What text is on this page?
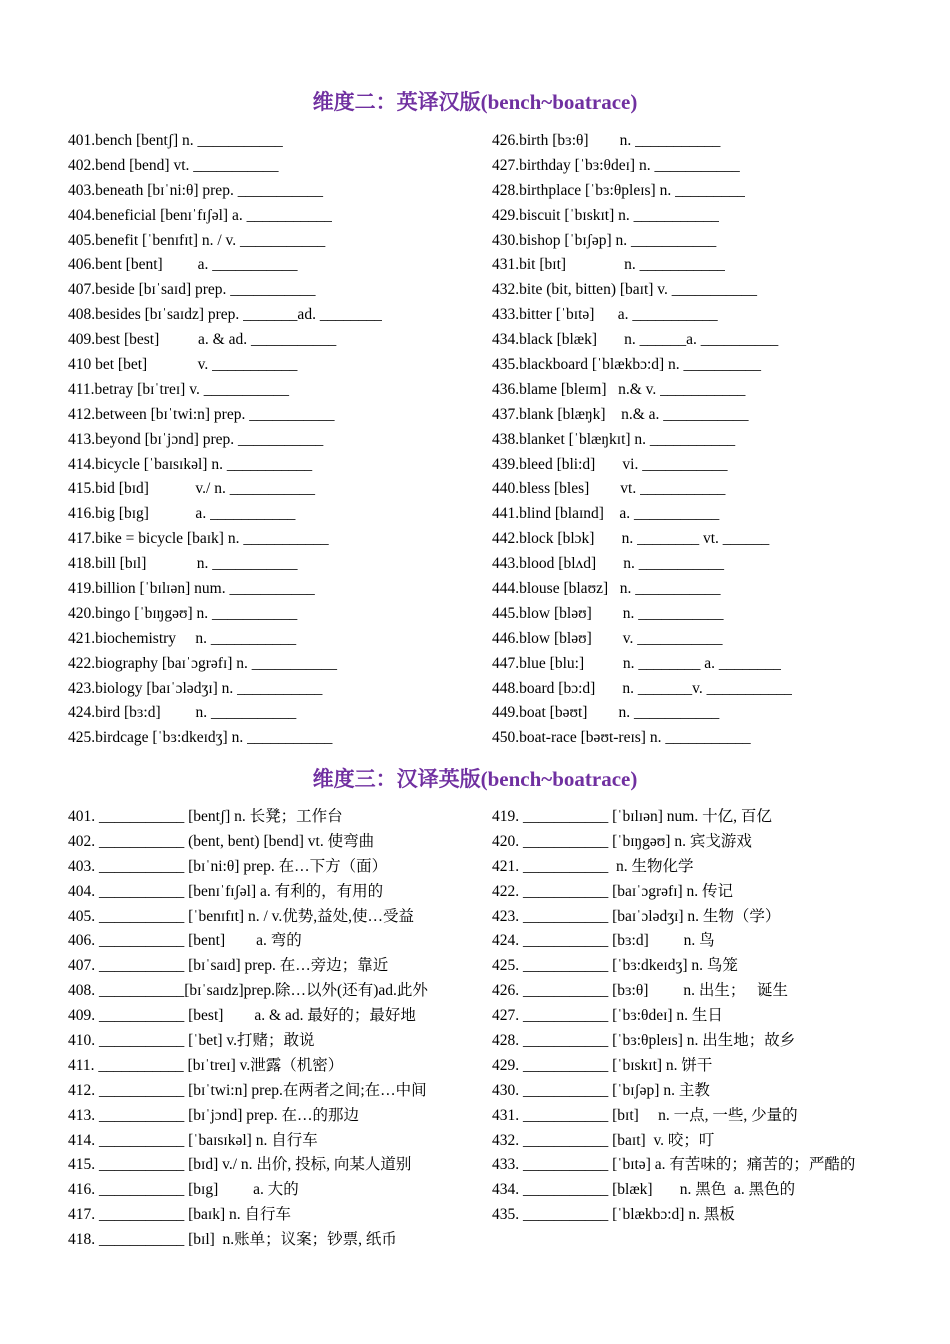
维度二：英译汉版(bench~boatrace)
401.bench [bentʃ] n. ___________
402.bend [bend] vt. ___________
403.beneath [bɪˈni:θ] prep. ___________
404.beneficial [benɪˈfɪʃəl] a. ___________
405.benefit [ˈbenɪfɪt] n. / v. ___________
406.bent [bent]         a. ___________
407.beside [bɪˈsaɪd] prep. ___________
408.besides [bɪˈsaɪdz] prep. _______ad. ________
409.best [best]          a. & ad. ___________
410 bet [bet]             v. ___________
411.betray [bɪˈtreɪ] v. ___________
412.between [bɪˈtwi:n] prep. ___________
413.beyond [bɪˈjɔnd] prep. ___________
414.bicycle [ˈbaɪsɪkəl] n. ___________
415.bid [bɪd]            v./ n. ___________
416.big [bɪg]            a. ___________
417.bike = bicycle [baɪk] n. ___________
418.bill [bɪl]             n. ___________
419.billion [ˈbɪlɪən] num. ___________
420.bingo [ˈbɪŋgəʊ] n. ___________
421.biochemistry     n. ___________
422.biography [baɪˈɔgrəfɪ] n. ___________
423.biology [baɪˈɔlədʒɪ] n. ___________
424.bird [bɜ:d]         n. ___________
425.birdcage [ˈbɜ:dkeɪdʒ] n. ___________
426.birth [bɜ:θ]        n. ___________
427.birthday [ˈbɜ:θdeɪ] n. ___________
428.birthplace [ˈbɜ:θpleɪs] n. _________
429.biscuit [ˈbɪskɪt] n. ___________
430.bishop [ˈbɪʃəp] n. ___________
431.bit [bɪt]               n. ___________
432.bite (bit, bitten) [baɪt] v. ___________
433.bitter [ˈbɪtə]      a. ___________
434.black [blæk]       n. ______a. __________
435.blackboard [ˈblækbɔ:d] n. __________
436.blame [bleɪm]   n.& v. ___________
437.blank [blæŋk]    n.& a. ___________
438.blanket [ˈblæŋkɪt] n. ___________
439.bleed [bli:d]       vi. ___________
440.bless [bles]        vt. ___________
441.blind [blaɪnd]    a. ___________
442.block [blɔk]       n. ________ vt. ______
443.blood [blʌd]       n. ___________
444.blouse [blaʊz]   n. ___________
445.blow [bləʊ]        n. ___________
446.blow [bləʊ]        v. ___________
447.blue [blu:]          n. ________ a. ________
448.board [bɔ:d]       n. _______v. ___________
449.boat [bəʊt]        n. ___________
450.boat-race [bəʊt-reɪs] n. ___________
维度三：汉译英版(bench~boatrace)
401. ___________ [bentʃ] n. 长凳；工作台
402. ___________ (bent, bent) [bend] vt. 使弯曲
403. ___________ [bɪˈni:θ] prep. 在…下方（面）
404. ___________ [benɪˈfɪʃəl] a. 有利的，有用的
405. ___________ [ˈbenɪfɪt] n. / v.优势,益处,使…受益
406. ___________ [bent]        a. 弯的
407. ___________ [bɪˈsaɪd] prep. 在…旁边；靠近
408. ___________[bɪˈsaɪdz]prep.除…以外(还有)ad.此外
409. ___________ [best]        a. & ad. 最好的；最好地
410. ___________ [ˈbet] v.打赌；敢说
411. ___________ [bɪˈtreɪ] v.泄露（机密）
412. ___________ [bɪˈtwi:n] prep.在两者之间;在…中间
413. ___________ [bɪˈjɔnd] prep. 在…的那边
414. ___________ [ˈbaɪsɪkəl] n. 自行车
415. ___________ [bɪd] v./ n. 出价, 投标, 向某人道别
416. ___________ [bɪg]         a. 大的
417. ___________ [baɪk] n. 自行车
418. ___________ [bɪl]  n.账单；议案；钞票, 纸币
419. ___________ [ˈbɪlɪən] num. 十亿, 百亿
420. ___________ [ˈbɪŋgəʊ] n. 宾戈游戏
421. ___________  n. 生物化学
422. ___________ [baɪˈɔgrəfɪ] n. 传记
423. ___________ [baɪˈɔlədʒɪ] n. 生物（学）
424. ___________ [bɜ:d]         n. 鸟
425. ___________ [ˈbɜ:dkeɪdʒ] n. 鸟笼
426. ___________ [bɜ:θ]         n. 出生；   诞生
427. ___________ [ˈbɜ:θdeɪ] n. 生日
428. ___________ [ˈbɜ:θpleɪs] n. 出生地；故乡
429. ___________ [ˈbɪskɪt] n. 饼干
430. ___________ [ˈbɪʃəp] n. 主教
431. ___________ [bɪt]     n. 一点, 一些, 少量的
432. ___________ [baɪt]  v. 咬；叮
433. ___________ [ˈbɪtə] a. 有苦味的；痛苦的；严酷的
434. ___________ [blæk]       n. 黑色  a. 黑色的
435. ___________ [ˈblækbɔ:d] n. 黑板
